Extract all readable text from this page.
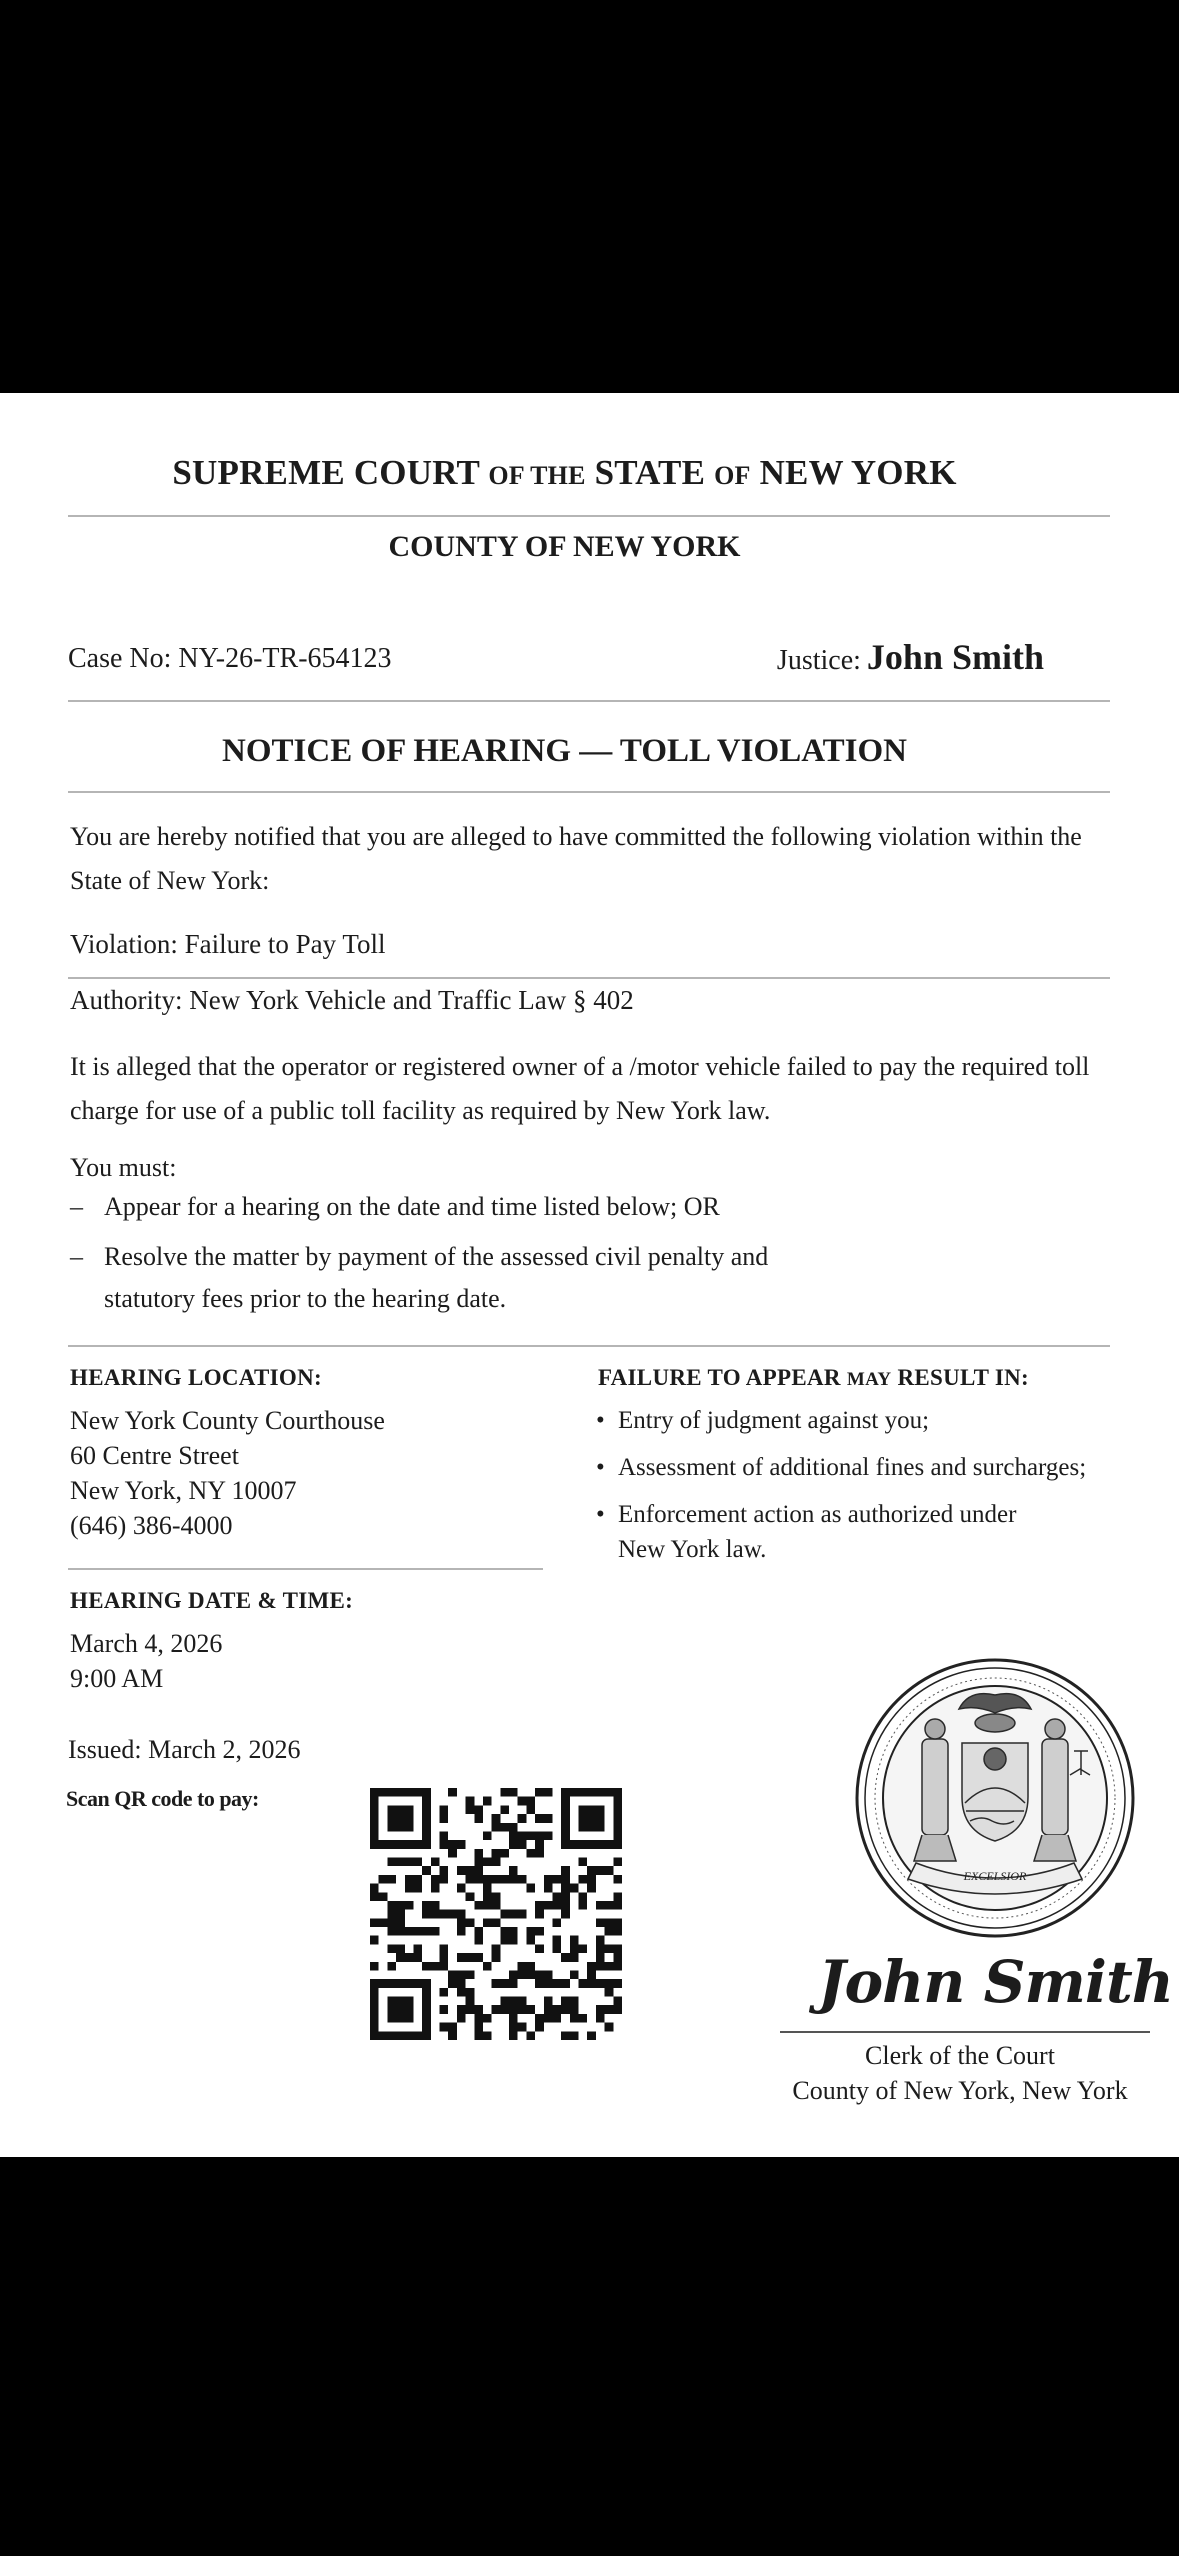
SUPREME COURT OF THE STATE OF NEW YORK
COUNTY OF NEW YORK
Case No: NY-26-TR-654123	Justice: John Smith
NOTICE OF HEARING — TOLL VIOLATION
You are hereby notified that you are alleged to have committed the following violation within the State of New York:
Violation: Failure to Pay Toll
Authority: New York Vehicle and Traffic Law § 402
It is alleged that the operator or registered owner of a /motor vehicle failed to pay the required toll charge for use of a public toll facility as required by New York law.
You must:
– Appear for a hearing on the date and time listed below; OR
– Resolve the matter by payment of the assessed civil penalty and
statutory fees prior to the hearing date.
HEARING LOCATION:
New York County Courthouse
60 Centre Street
New York, NY 10007
(646) 386-4000
FAILURE TO APPEAR MAY RESULT IN:
• Entry of judgment against you;
• Assessment of additional fines and surcharges;
• Enforcement action as authorized under
New York law.
HEARING DATE & TIME:
March 4, 2026
9:00 AM
Issued: March 2, 2026
Scan QR code to pay:
EXCELSIOR
John Smith
Clerk of the Court
County of New York, New York
